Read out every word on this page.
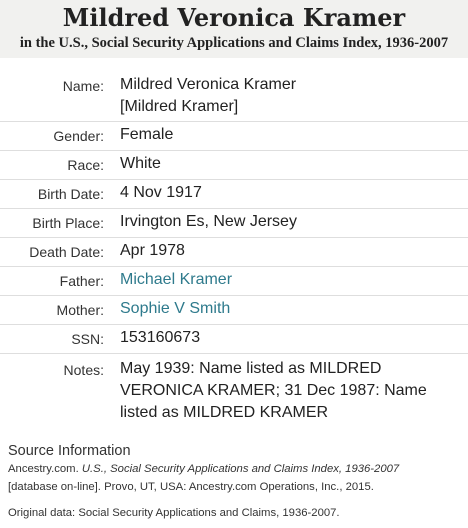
Mildred Veronica Kramer
in the U.S., Social Security Applications and Claims Index, 1936-2007
Name: Mildred Veronica Kramer
[Mildred Kramer]
Gender: Female
Race: White
Birth Date: 4 Nov 1917
Birth Place: Irvington Es, New Jersey
Death Date: Apr 1978
Father: Michael Kramer
Mother: Sophie V Smith
SSN: 153160673
Notes: May 1939: Name listed as MILDRED
VERONICA KRAMER; 31 Dec 1987: Name
listed as MILDRED KRAMER
Source Information
Ancestry.com. U.S., Social Security Applications and Claims Index, 1936-2007
[database on-line]. Provo, UT, USA: Ancestry.com Operations, Inc., 2015.
Original data: Social Security Applications and Claims, 1936-2007.
